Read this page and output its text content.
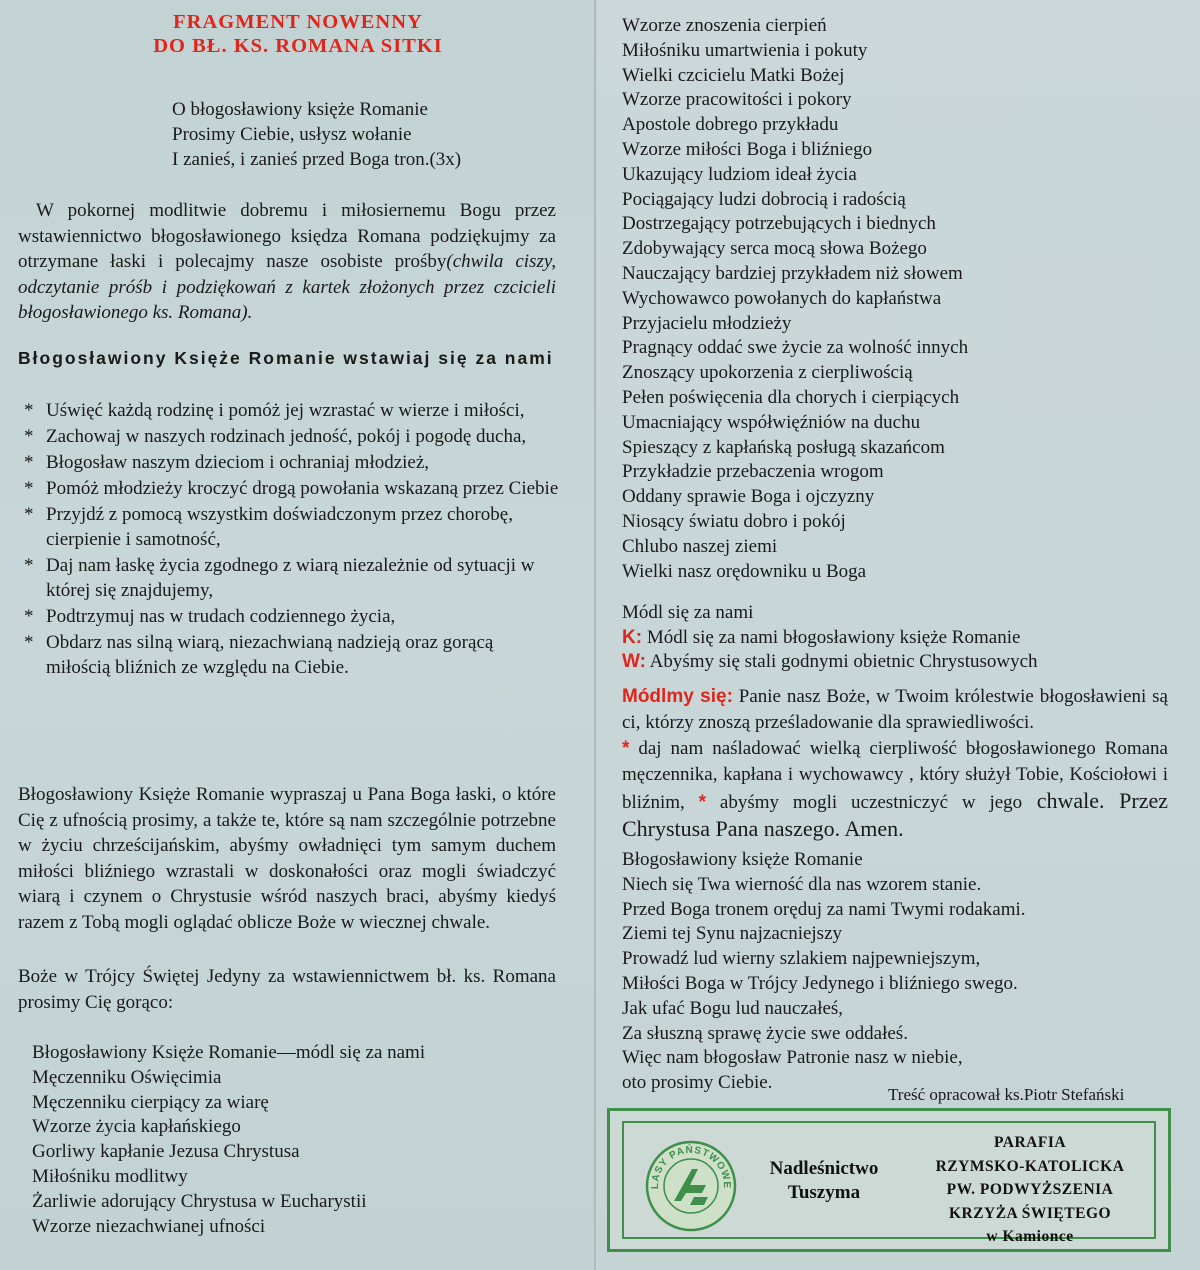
FRAGMENT NOWENNY
DO BŁ. KS. ROMANA SITKI
O błogosławiony księże Romanie
Prosimy Ciebie, usłysz wołanie
I zanieś, i zanieś przed Boga tron.(3x)
W pokornej modlitwie dobremu i miłosiernemu Bogu przez wstawiennictwo błogosławionego księdza Romana podziękujmy za otrzymane łaski i polecajmy nasze osobiste prośby(chwila ciszy, odczytanie próśb i podziękowań z kartek złożonych przez czcicieli błogosławionego ks. Romana).
Błogosławiony Księże Romanie wstawiaj się za nami
* Uświęć każdą rodzinę i pomóż jej wzrastać w wierze i miłości,
* Zachowaj w naszych rodzinach jedność, pokój i pogodę ducha,
* Błogosław naszym dzieciom i ochraniaj młodzież,
* Pomóż młodzieży kroczyć drogą powołania wskazaną przez Ciebie
* Przyjdź z pomocą wszystkim doświadczonym przez chorobę, cierpienie i samotność,
* Daj nam łaskę życia zgodnego z wiarą niezależnie od sytuacji w której się znajdujemy,
* Podtrzymuj nas w trudach codziennego życia,
* Obdarz nas silną wiarą, niezachwianą nadzieją oraz gorącą miłością bliźnich ze względu na Ciebie.
Błogosławiony Księże Romanie wypraszaj u Pana Boga łaski, o które Cię z ufnością prosimy, a także te, które są nam szczególnie potrzebne w życiu chrześcijańskim, abyśmy owładnięci tym samym duchem miłości bliźniego wzrastali w doskonałości oraz mogli świadczyć wiarą i czynem o Chrystusie wśród naszych braci, abyśmy kiedyś razem z Tobą mogli oglądać oblicze Boże w wiecznej chwale.
Boże w Trójcy Świętej Jedyny za wstawiennictwem bł. ks. Romana prosimy Cię gorąco:
Błogosławiony Księże Romanie—módl się za nami
Męczenniku Oświęcimia
Męczenniku cierpiący za wiarę
Wzorze życia kapłańskiego
Gorliwy kapłanie Jezusa Chrystusa
Miłośniku modlitwy
Żarliwie adorujący Chrystusa w Eucharystii
Wzorze niezachwianej ufności
Wzorze znoszenia cierpień
Miłośniku umartwienia i pokuty
Wielki czcicielu Matki Bożej
Wzorze pracowitości i pokory
Apostole dobrego przykładu
Wzorze miłości Boga i bliźniego
Ukazujący ludziom ideał życia
Pociągający ludzi dobrocią i radością
Dostrzegający potrzebujących i biednych
Zdobywający serca mocą słowa Bożego
Nauczający bardziej przykładem niż słowem
Wychowawco powołanych do kapłaństwa
Przyjacielu młodzieży
Pragnący oddać swe życie za wolność innych
Znoszący upokorzenia z cierpliwością
Pełen poświęcenia dla chorych i cierpiących
Umacniający współwięźniów na duchu
Spieszący z kapłańską posługą skazańcom
Przykładzie przebaczenia wrogom
Oddany sprawie Boga i ojczyzny
Niosący światu dobro i pokój
Chlubo naszej ziemi
Wielki nasz orędowniku u Boga
Módl się za nami
K: Módl się za nami błogosławiony księże Romanie
W: Abyśmy się stali godnymi obietnic Chrystusowych
Módlmy się: Panie nasz Boże, w Twoim królestwie błogosławieni są ci, którzy znoszą prześladowanie dla sprawiedliwości.
* daj nam naśladować wielką cierpliwość błogosławionego Romana męczennika, kapłana i wychowawcy , który służył Tobie, Kościołowi i bliźnim, * abyśmy mogli uczestniczyć w jego chwale. Przez Chrystusa Pana naszego. Amen.
Błogosławiony księże Romanie
Niech się Twa wierność dla nas wzorem stanie.
Przed Boga tronem oręduj za nami Twymi rodakami.
Ziemi tej Synu najzacniejszy
Prowadź lud wierny szlakiem najpewniejszym,
Miłości Boga w Trójcy Jedynego i bliźniego swego.
Jak ufać Bogu lud nauczałeś,
Za słuszną sprawę życie swe oddałeś.
Więc nam błogosław Patronie nasz w niebie,
oto prosimy Ciebie.
Treść opracował ks.Piotr Stefański
LASY PAŃSTWOWE
Nadleśnictwo
Tuszyma
PARAFIA
RZYMSKO-KATOLICKA
PW. PODWYŻSZENIA
KRZYŻA ŚWIĘTEGO
w Kamionce
